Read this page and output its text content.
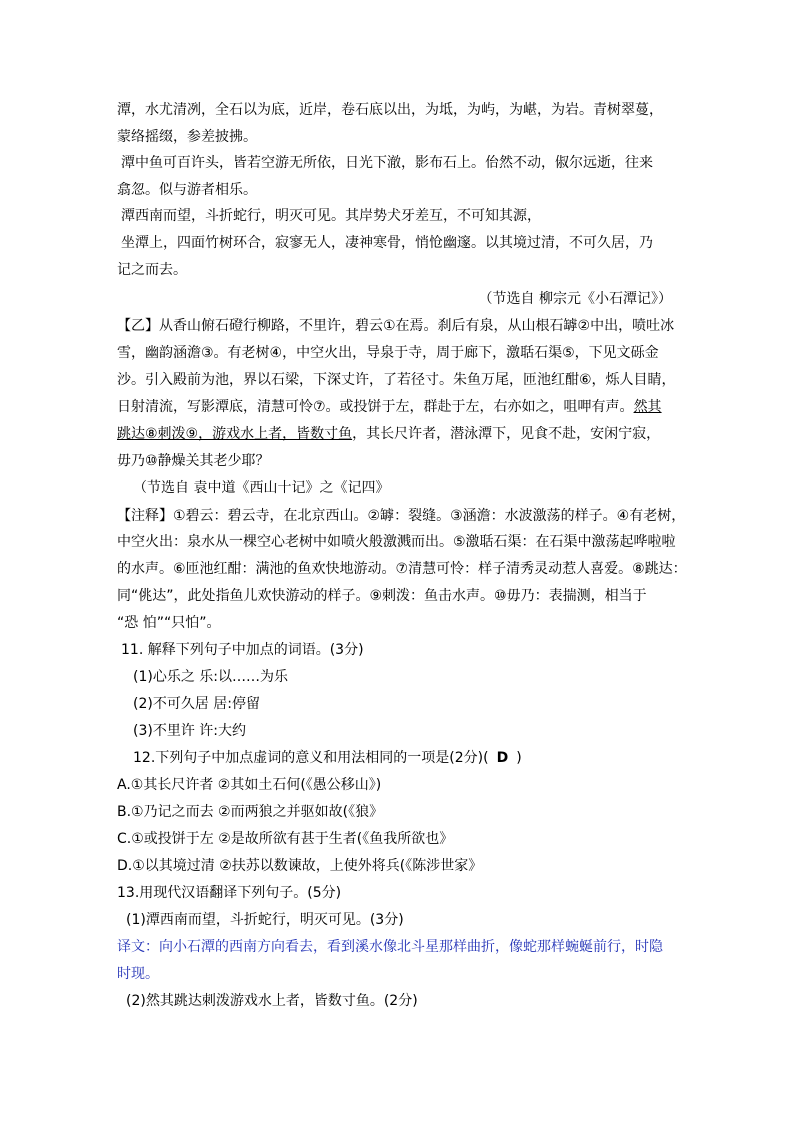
潭，水尤清冽，全石以为底，近岸，卷石底以出，为坻，为屿，为嵁，为岩。青树翠蔓，
蒙络摇缀，参差披拂。
潭中鱼可百许头，皆若空游无所依，日光下澈，影布石上。佁然不动，俶尔远逝，往来
翕忽。似与游者相乐。
潭西南而望，斗折蛇行，明灭可见。其岸势犬牙差互，不可知其源，
坐潭上，四面竹树环合，寂寥无人，凄神寒骨，悄怆幽邃。以其境过清，不可久居，乃
记之而去。
（节选自 柳宗元《小石潭记》）
【乙】从香山俯石磴行柳路，不里许，碧云①在焉。刹后有泉，从山根石罅②中出，喷吐冰
雪，幽韵涵澹③。有老树④，中空火出，导泉于寺，周于廊下，激聒石渠⑤，下见文砾金
沙。引入殿前为池，界以石梁，下深丈许，了若径寸。朱鱼万尾，匝池红酣⑥，烁人目睛，
日射清流，写影潭底，清慧可怜⑦。或投饼于左，群赴于左，右亦如之，咀呷有声。然其
跳达⑧刺泼⑨，游戏水上者，皆数寸鱼，其长尺许者，潜泳潭下，见食不赴，安闲宁寂，
毋乃⑩静燥关其老少耶？
（节选自 袁中道《西山十记》之《记四》
【注释】①碧云：碧云寺，在北京西山。②罅：裂缝。③涵澹：水波激荡的样子。④有老树，
中空火出：泉水从一棵空心老树中如喷火般激溅而出。⑤激聒石渠：在石渠中激荡起哗啦啦
的水声。⑥匝池红酣：满池的鱼欢快地游动。⑦清慧可怜：样子清秀灵动惹人喜爱。⑧跳达：
同“佻达”，此处指鱼儿欢快游动的样子。⑨刺泼：鱼击水声。⑩毋乃：表揣测，相当于
“恐 怕”“只怕”。
11. 解释下列句子中加点的词语。(3分)
(1)心乐之 乐:以……为乐
(2)不可久居 居:停留
(3)不里许 许:大约
12.下列句子中加点虚词的意义和用法相同的一项是(2分)( D )
A.①其长尺许者 ②其如土石何(《愚公移山》)
B.①乃记之而去 ②而两狼之并驱如故(《狼》
C.①或投饼于左 ②是故所欲有甚于生者(《鱼我所欲也》
D.①以其境过清 ②扶苏以数谏故，上使外将兵(《陈涉世家》
13.用现代汉语翻译下列句子。(5分)
(1)潭西南而望，斗折蛇行，明灭可见。(3分)
译文：向小石潭的西南方向看去，看到溪水像北斗星那样曲折，像蛇那样蜿蜒前行，时隐
时现。
(2)然其跳达刺泼游戏水上者，皆数寸鱼。(2分)
